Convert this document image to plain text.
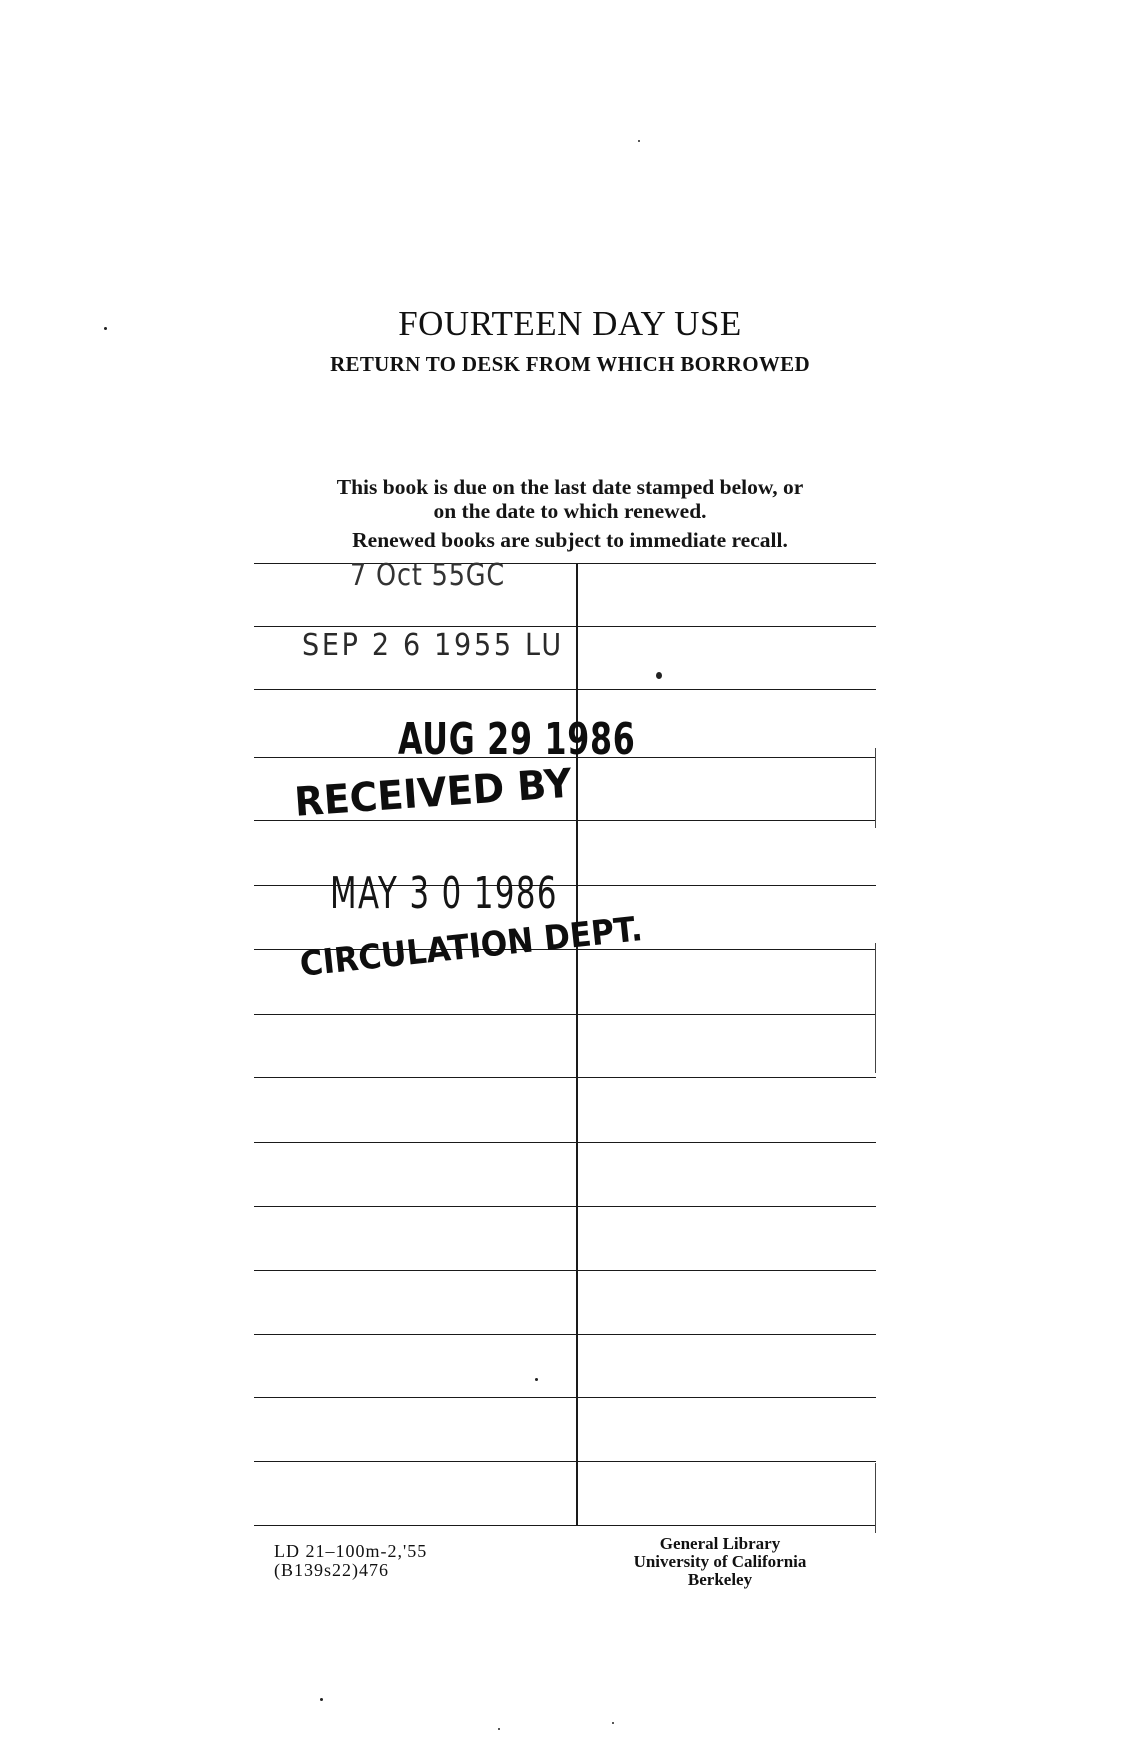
FOURTEEN DAY USE
RETURN TO DESK FROM WHICH BORROWED
This book is due on the last date stamped below, or
on the date to which renewed.
Renewed books are subject to immediate recall.
7 Oct 55GC
SEP 2 6 1955 LU
AUG 29 1986
RECEIVED BY
MAY 3 0 1986
CIRCULATION DEPT.
LD 21–100m-2,'55
(B139s22)476
General Library
University of California
Berkeley
